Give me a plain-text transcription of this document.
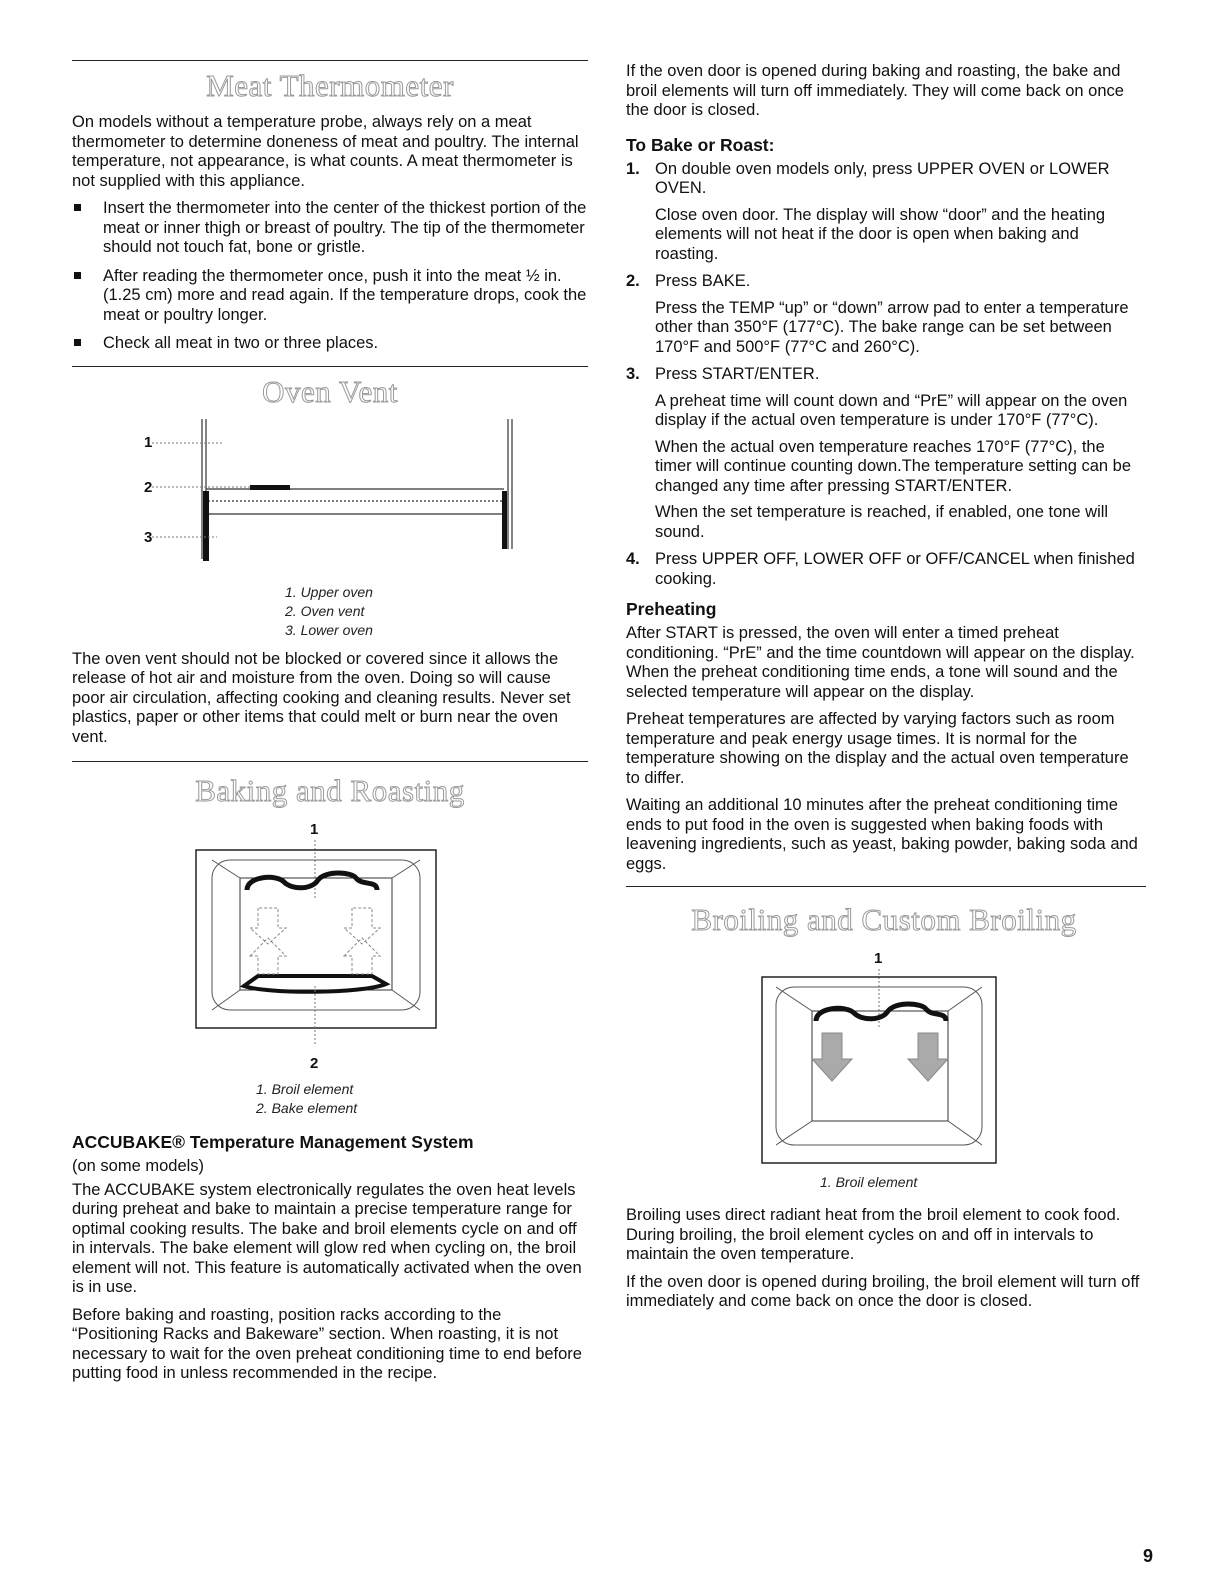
Meat Thermometer

On models without a temperature probe, always rely on a meat thermometer to determine doneness of meat and poultry. The internal temperature, not appearance, is what counts. A meat thermometer is not supplied with this appliance.

Insert the thermometer into the center of the thickest portion of the meat or inner thigh or breast of poultry. The tip of the thermometer should not touch fat, bone or gristle.
After reading the thermometer once, push it into the meat ½ in. (1.25 cm) more and read again. If the temperature drops, cook the meat or poultry longer.
Check all meat in two or three places.
Oven Vent
1
2
3
1. Upper oven
2. Oven vent
3. Lower oven

The oven vent should not be blocked or covered since it allows the release of hot air and moisture from the oven. Doing so will cause poor air circulation, affecting cooking and cleaning results. Never set plastics, paper or other items that could melt or burn near the oven vent.

Baking and Roasting
1
2
1. Broil element
2. Bake element
ACCUBAKE® Temperature Management System

(on some models)

The ACCUBAKE system electronically regulates the oven heat levels during preheat and bake to maintain a precise temperature range for optimal cooking results. The bake and broil elements cycle on and off in intervals. The bake element will glow red when cycling on, the broil element will not. This feature is automatically activated when the oven is in use.

Before baking and roasting, position racks according to the “Positioning Racks and Bakeware” section. When roasting, it is not necessary to wait for the oven preheat conditioning time to end before putting food in unless recommended in the recipe.

If the oven door is opened during baking and roasting, the bake and broil elements will turn off immediately. They will come back on once the door is closed.

To Bake or Roast:
1. On double oven models only, press UPPER OVEN or LOWER OVEN.

Close oven door. The display will show “door” and the heating elements will not heat if the door is open when baking and roasting.

2. Press BAKE.

Press the TEMP “up” or “down” arrow pad to enter a temperature other than 350°F (177°C). The bake range can be set between 170°F and 500°F (77°C and 260°C).

3. Press START/ENTER.

A preheat time will count down and “PrE” will appear on the oven display if the actual oven temperature is under 170°F (77°C).

When the actual oven temperature reaches 170°F (77°C), the timer will continue counting down.The temperature setting can be changed any time after pressing START/ENTER.

When the set temperature is reached, if enabled, one tone will sound.

4. Press UPPER OFF, LOWER OFF or OFF/CANCEL when finished cooking.

Preheating

After START is pressed, the oven will enter a timed preheat conditioning. “PrE” and the time countdown will appear on the display. When the preheat conditioning time ends, a tone will sound and the selected temperature will appear on the display.

Preheat temperatures are affected by varying factors such as room temperature and peak energy usage times. It is normal for the temperature showing on the display and the actual oven temperature to differ.

Waiting an additional 10 minutes after the preheat conditioning time ends to put food in the oven is suggested when baking foods with leavening ingredients, such as yeast, baking powder, baking soda and eggs.

Broiling and Custom Broiling
1
1. Broil element

Broiling uses direct radiant heat from the broil element to cook food. During broiling, the broil element cycles on and off in intervals to maintain the oven temperature.

If the oven door is opened during broiling, the broil element will turn off immediately and come back on once the door is closed.

9
